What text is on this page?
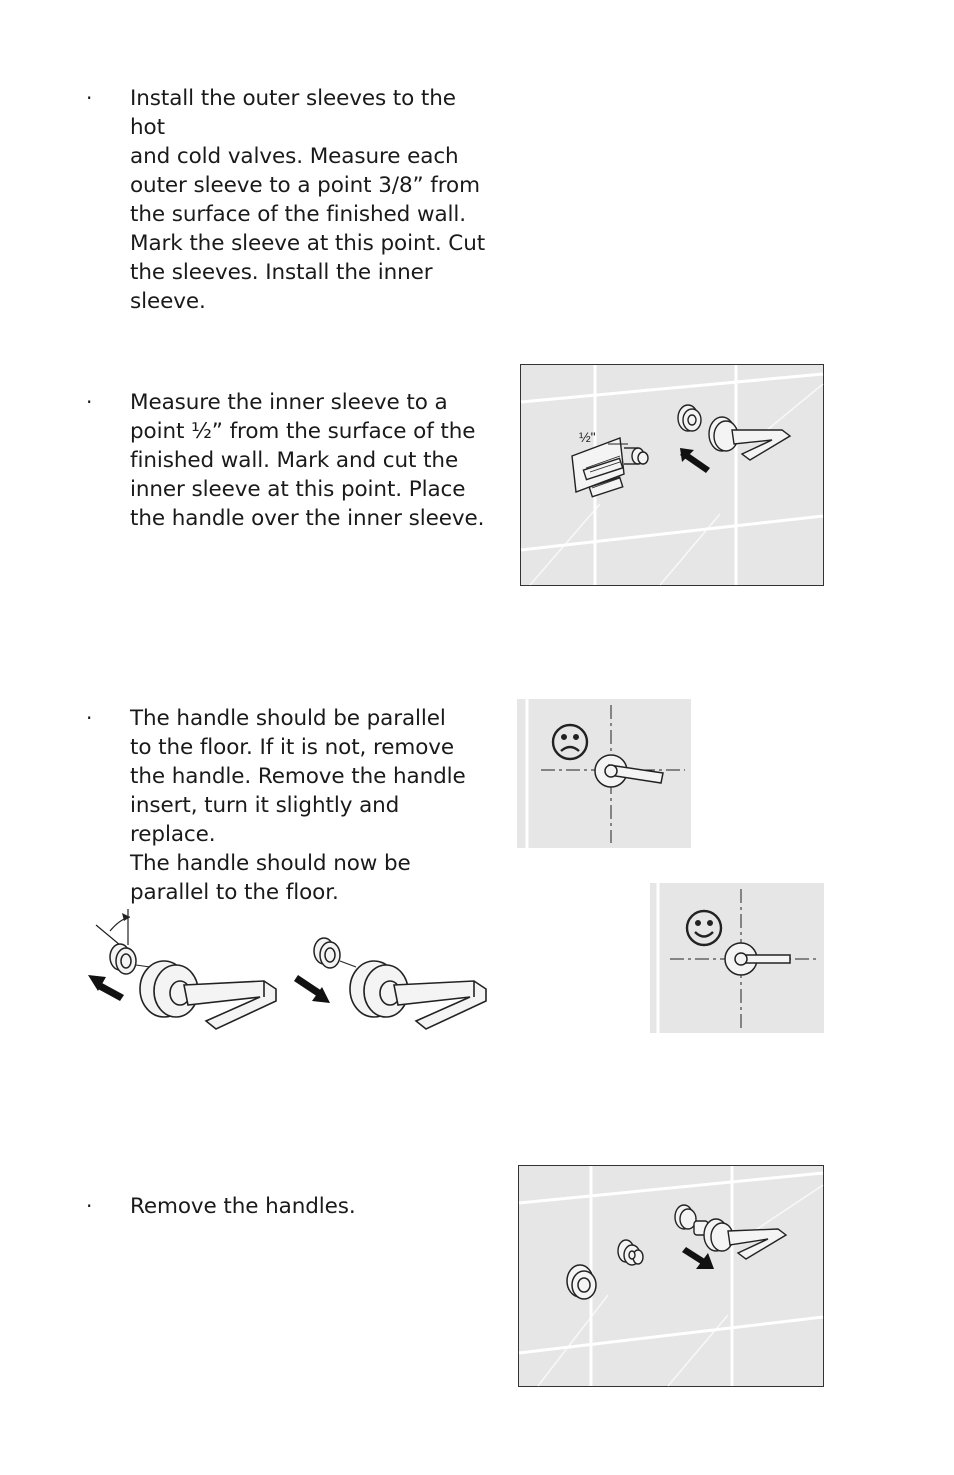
· Install the outer sleeves to the hot
and cold valves. Measure each
outer sleeve to a point 3/8” from
the surface of the finished wall.
Mark the sleeve at this point. Cut
the sleeves. Install the inner
sleeve.
· Measure the inner sleeve to a
point ½” from the surface of the
finished wall. Mark and cut the
inner sleeve at this point. Place
the handle over the inner sleeve.
½"
· The handle should be parallel
to the floor. If it is not, remove
the handle. Remove the handle
insert, turn it slightly and replace.
The handle should now be
parallel to the floor.
· Remove the handles.
